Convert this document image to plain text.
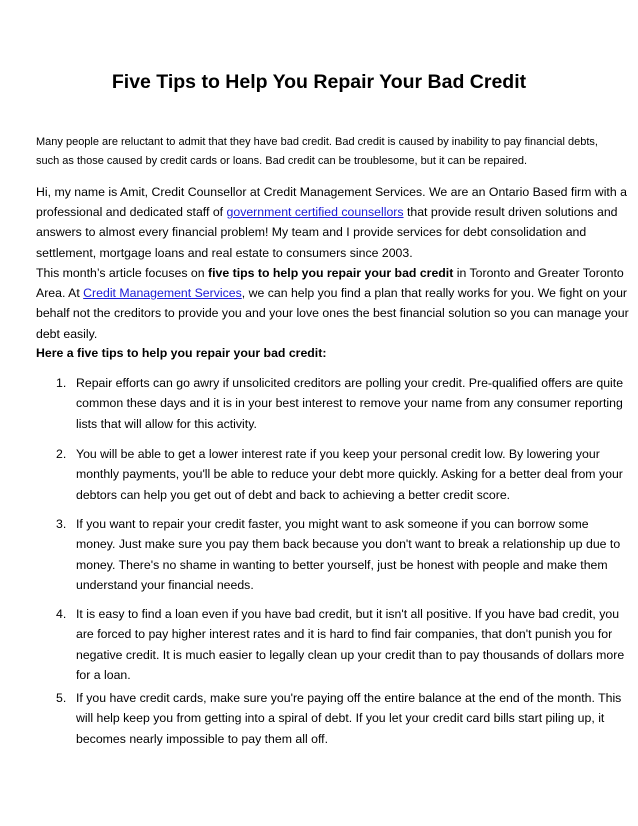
Five Tips to Help You Repair Your Bad Credit
Many people are reluctant to admit that they have bad credit. Bad credit is caused by inability to pay financial debts,
such as those caused by credit cards or loans. Bad credit can be troublesome, but it can be repaired.
Hi, my name is Amit, Credit Counsellor at Credit Management Services. We are an Ontario Based firm with a
professional and dedicated staff of government certified counsellors that provide result driven solutions and
answers to almost every financial problem! My team and I provide services for debt consolidation and
settlement, mortgage loans and real estate to consumers since 2003.
This month’s article focuses on five tips to help you repair your bad credit in Toronto and Greater Toronto
Area. At Credit Management Services, we can help you find a plan that really works for you. We fight on your
behalf not the creditors to provide you and your love ones the best financial solution so you can manage your
debt easily.
Here a five tips to help you repair your bad credit:
1. Repair efforts can go awry if unsolicited creditors are polling your credit. Pre-qualified offers are quite
common these days and it is in your best interest to remove your name from any consumer reporting
lists that will allow for this activity.
2. You will be able to get a lower interest rate if you keep your personal credit low. By lowering your
monthly payments, you'll be able to reduce your debt more quickly. Asking for a better deal from your
debtors can help you get out of debt and back to achieving a better credit score.
3. If you want to repair your credit faster, you might want to ask someone if you can borrow some
money. Just make sure you pay them back because you don't want to break a relationship up due to
money. There's no shame in wanting to better yourself, just be honest with people and make them
understand your financial needs.
4. It is easy to find a loan even if you have bad credit, but it isn't all positive. If you have bad credit, you
are forced to pay higher interest rates and it is hard to find fair companies, that don't punish you for
negative credit. It is much easier to legally clean up your credit than to pay thousands of dollars more
for a loan.
5. If you have credit cards, make sure you're paying off the entire balance at the end of the month. This
will help keep you from getting into a spiral of debt. If you let your credit card bills start piling up, it
becomes nearly impossible to pay them all off.
